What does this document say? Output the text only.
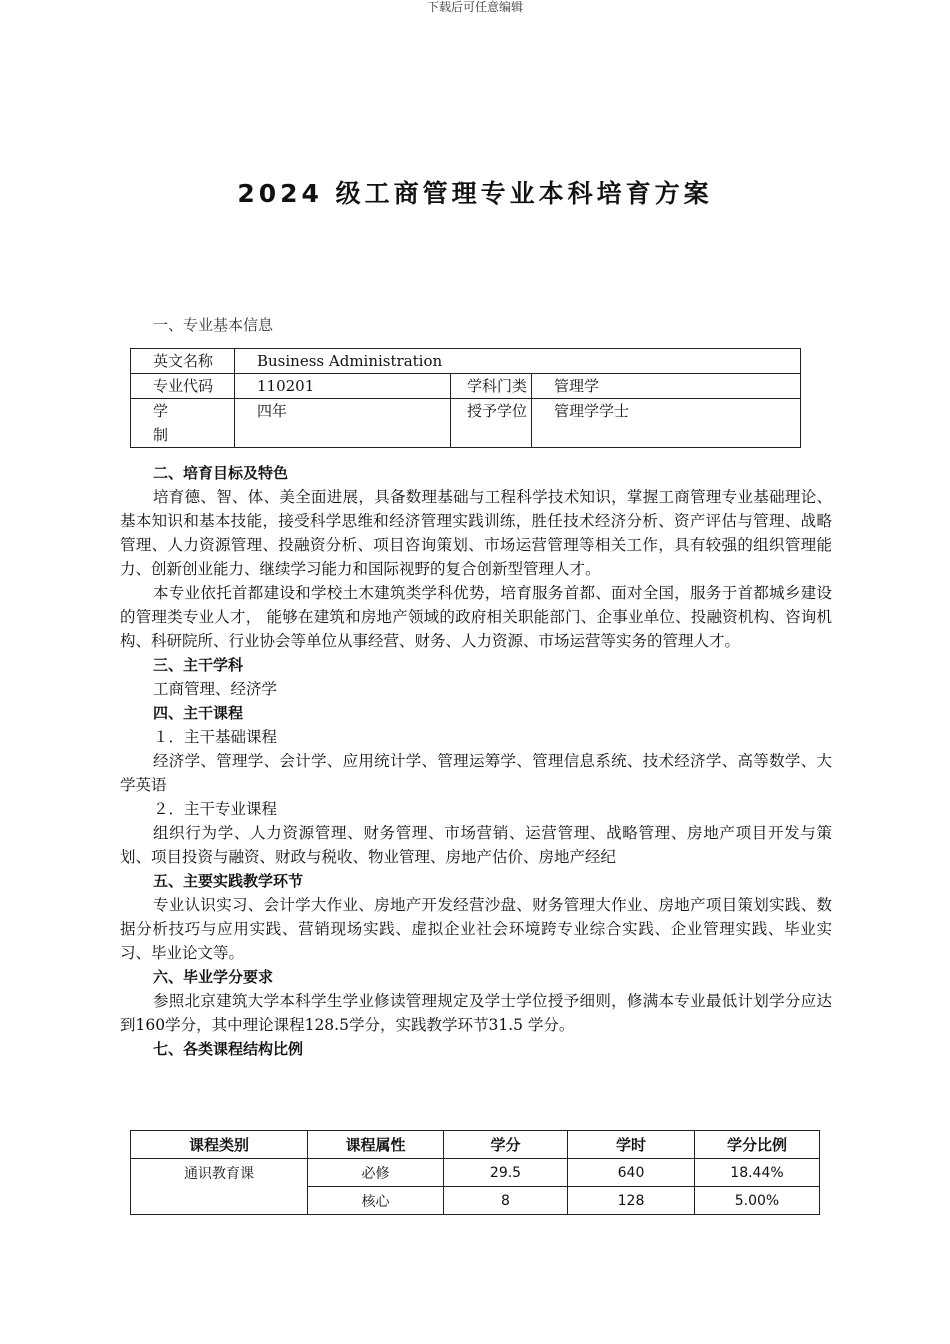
下载后可任意编辑
2024 级工商管理专业本科培育方案
一、专业基本信息
英文名称	Business Administration		
专业代码	110201	学科门类	管理学
学
制	四年	授予学位	管理学学士

二、培育目标及特色

培育德、智、体、美全面进展，具备数理基础与工程科学技术知识，掌握工商管理专业基础理论、基本知识和基本技能，接受科学思维和经济管理实践训练，胜任技术经济分析、资产评估与管理、战略管理、人力资源管理、投融资分析、项目咨询策划、市场运营管理等相关工作，具有较强的组织管理能力、创新创业能力、继续学习能力和国际视野的复合创新型管理人才。

本专业依托首都建设和学校土木建筑类学科优势，培育服务首都、面对全国，服务于首都城乡建设的管理类专业人才， 能够在建筑和房地产领域的政府相关职能部门、企事业单位、投融资机构、咨询机构、科研院所、行业协会等单位从事经营、财务、人力资源、市场运营等实务的管理人才。

三、主干学科

工商管理、经济学

四、主干课程

１．主干基础课程

经济学、管理学、会计学、应用统计学、管理运筹学、管理信息系统、技术经济学、高等数学、大学英语

２．主干专业课程

组织行为学、人力资源管理、财务管理、市场营销、运营管理、战略管理、房地产项目开发与策划、项目投资与融资、财政与税收、物业管理、房地产估价、房地产经纪

五、主要实践教学环节

专业认识实习、会计学大作业、房地产开发经营沙盘、财务管理大作业、房地产项目策划实践、数据分析技巧与应用实践、营销现场实践、虚拟企业社会环境跨专业综合实践、企业管理实践、毕业实习、毕业论文等。

六、毕业学分要求

参照北京建筑大学本科学生学业修读管理规定及学士学位授予细则，修满本专业最低计划学分应达到160学分，其中理论课程128.5学分，实践教学环节31.5 学分。

七、各类课程结构比例

课程类别	课程属性	学分	学时	学分比例
通识教育课	必修	29.5	640	18.44%
	核心	8	128	5.00%
